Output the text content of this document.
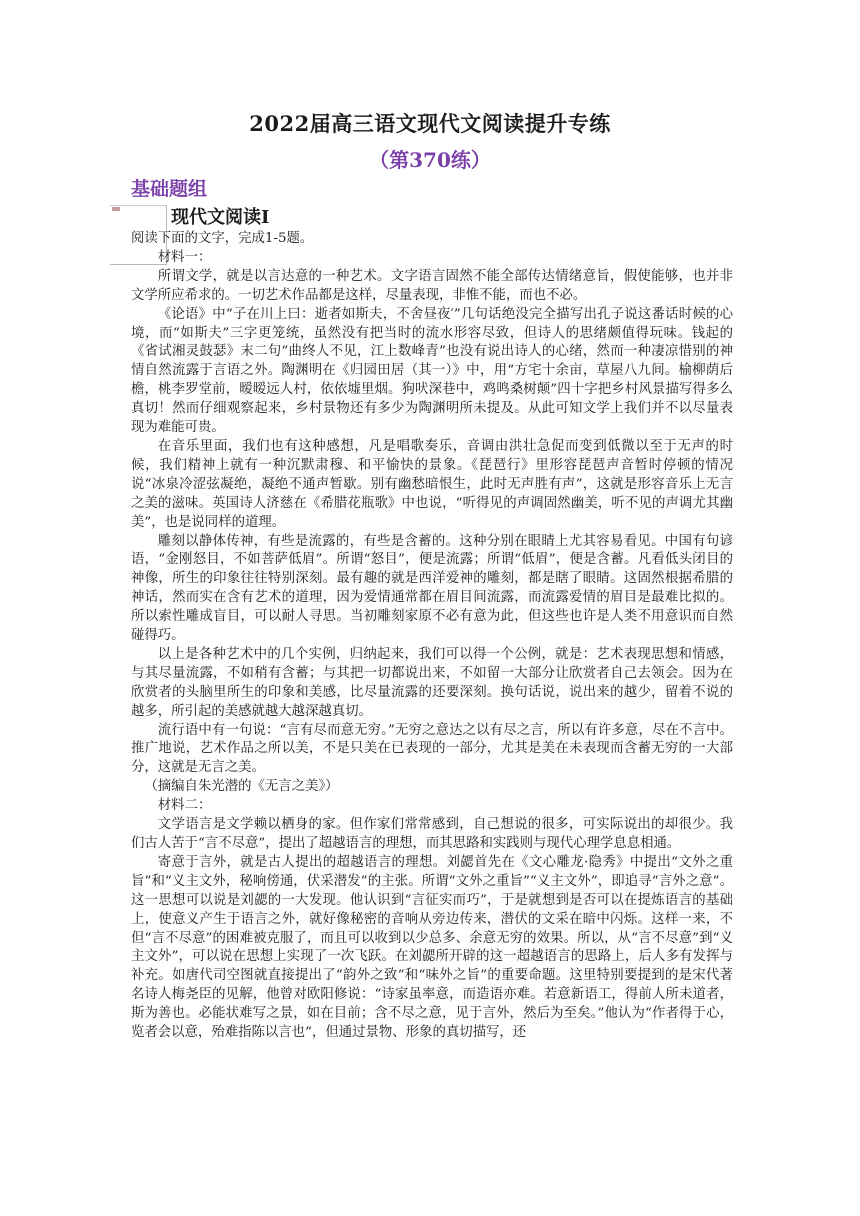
2022届高三语文现代文阅读提升专练
（第370练）
基础题组
现代文阅读Ⅰ

阅读下面的文字，完成1-5题。

材料一：

所谓文学，就是以言达意的一种艺术。文字语言固然不能全部传达情绪意旨，假使能够，也并非文学所应希求的。一切艺术作品都是这样，尽量表现，非惟不能，而也不必。

《论语》中“子在川上曰：逝者如斯夫，不舍昼夜′”几句话绝没完全描写出孔子说这番话时候的心境，而“如斯夫”三字更笼统，虽然没有把当时的流水形容尽致，但诗人的思绪颇值得玩味。钱起的《省试湘灵鼓瑟》末二句“曲终人不见，江上数峰青”也没有说出诗人的心绪，然而一种凄凉惜别的神情自然流露于言语之外。陶渊明在《归园田居（其一）》中，用“方宅十余亩，草屋八九间。榆柳荫后檐，桃李罗堂前，暧暧远人村，依依墟里烟。狗吠深巷中，鸡鸣桑树颠”四十字把乡村风景描写得多么真切！然而仔细观察起来，乡村景物还有多少为陶渊明所未提及。从此可知文学上我们并不以尽量表现为难能可贵。

在音乐里面，我们也有这种感想，凡是唱歌奏乐，音调由洪壮急促而变到低微以至于无声的时候，我们精神上就有一种沉默肃穆、和平愉快的景象。《琵琶行》里形容琵琶声音暂时停顿的情况说“冰泉冷涩弦凝绝，凝绝不通声暂歇。别有幽愁暗恨生，此时无声胜有声”，这就是形容音乐上无言之美的滋味。英国诗人济慈在《希腊花瓶歌》中也说，“听得见的声调固然幽美，听不见的声调尤其幽美”，也是说同样的道理。

雕刻以静体传神，有些是流露的，有些是含蓄的。这种分别在眼睛上尤其容易看见。中国有句谚语，“金刚怒目，不如菩萨低眉”。所谓“怒目”，便是流露；所谓“低眉”，便是含蓄。凡看低头闭目的神像，所生的印象往往特别深刻。最有趣的就是西洋爱神的雕刻，都是瞎了眼睛。这固然根据希腊的神话，然而实在含有艺术的道理，因为爱情通常都在眉目间流露，而流露爱情的眉目是最难比拟的。所以索性雕成盲目，可以耐人寻思。当初雕刻家原不必有意为此，但这些也许是人类不用意识而自然碰得巧。

以上是各种艺术中的几个实例，归纳起来，我们可以得一个公例，就是：艺术表现思想和情感，与其尽量流露，不如稍有含蓄；与其把一切都说出来，不如留一大部分让欣赏者自己去领会。因为在欣赏者的头脑里所生的印象和美感，比尽量流露的还要深刻。换句话说，说出来的越少，留着不说的越多，所引起的美感就越大越深越真切。

流行语中有一句说：“言有尽而意无穷。”无穷之意达之以有尽之言，所以有许多意，尽在不言中。推广地说，艺术作品之所以美，不是只美在已表现的一部分，尤其是美在未表现而含蓄无穷的一大部分，这就是无言之美。

（摘编自朱光潜的《无言之美》）

材料二：

文学语言是文学赖以栖身的家。但作家们常常感到，自己想说的很多，可实际说出的却很少。我们古人苦于“言不尽意”，提出了超越语言的理想，而其思路和实践则与现代心理学息息相通。

寄意于言外，就是古人提出的超越语言的理想。刘勰首先在《文心雕龙·隐秀》中提出“文外之重旨”和“义主文外，秘响傍通，伏采潜发”的主张。所谓“文外之重旨”“义主文外”，即追寻“言外之意”。这一思想可以说是刘勰的一大发现。他认识到“言征实而巧”，于是就想到是否可以在提炼语言的基础上，使意义产生于语言之外，就好像秘密的音响从旁边传来，潜伏的文采在暗中闪烁。这样一来，不但“言不尽意”的困难被克服了，而且可以收到以少总多、余意无穷的效果。所以，从“言不尽意”到“义主文外”，可以说在思想上实现了一次飞跃。在刘勰所开辟的这一超越语言的思路上，后人多有发挥与补充。如唐代司空图就直接提出了“韵外之致”和“味外之旨”的重要命题。这里特别要提到的是宋代著名诗人梅尧臣的见解，他曾对欧阳修说：“诗家虽率意，而造语亦难。若意新语工，得前人所未道者，斯为善也。必能状难写之景，如在目前；含不尽之意，见于言外，然后为至矣。”他认为“作者得于心，览者会以意，殆难指陈以言也”，但通过景物、形象的真切描写，还
